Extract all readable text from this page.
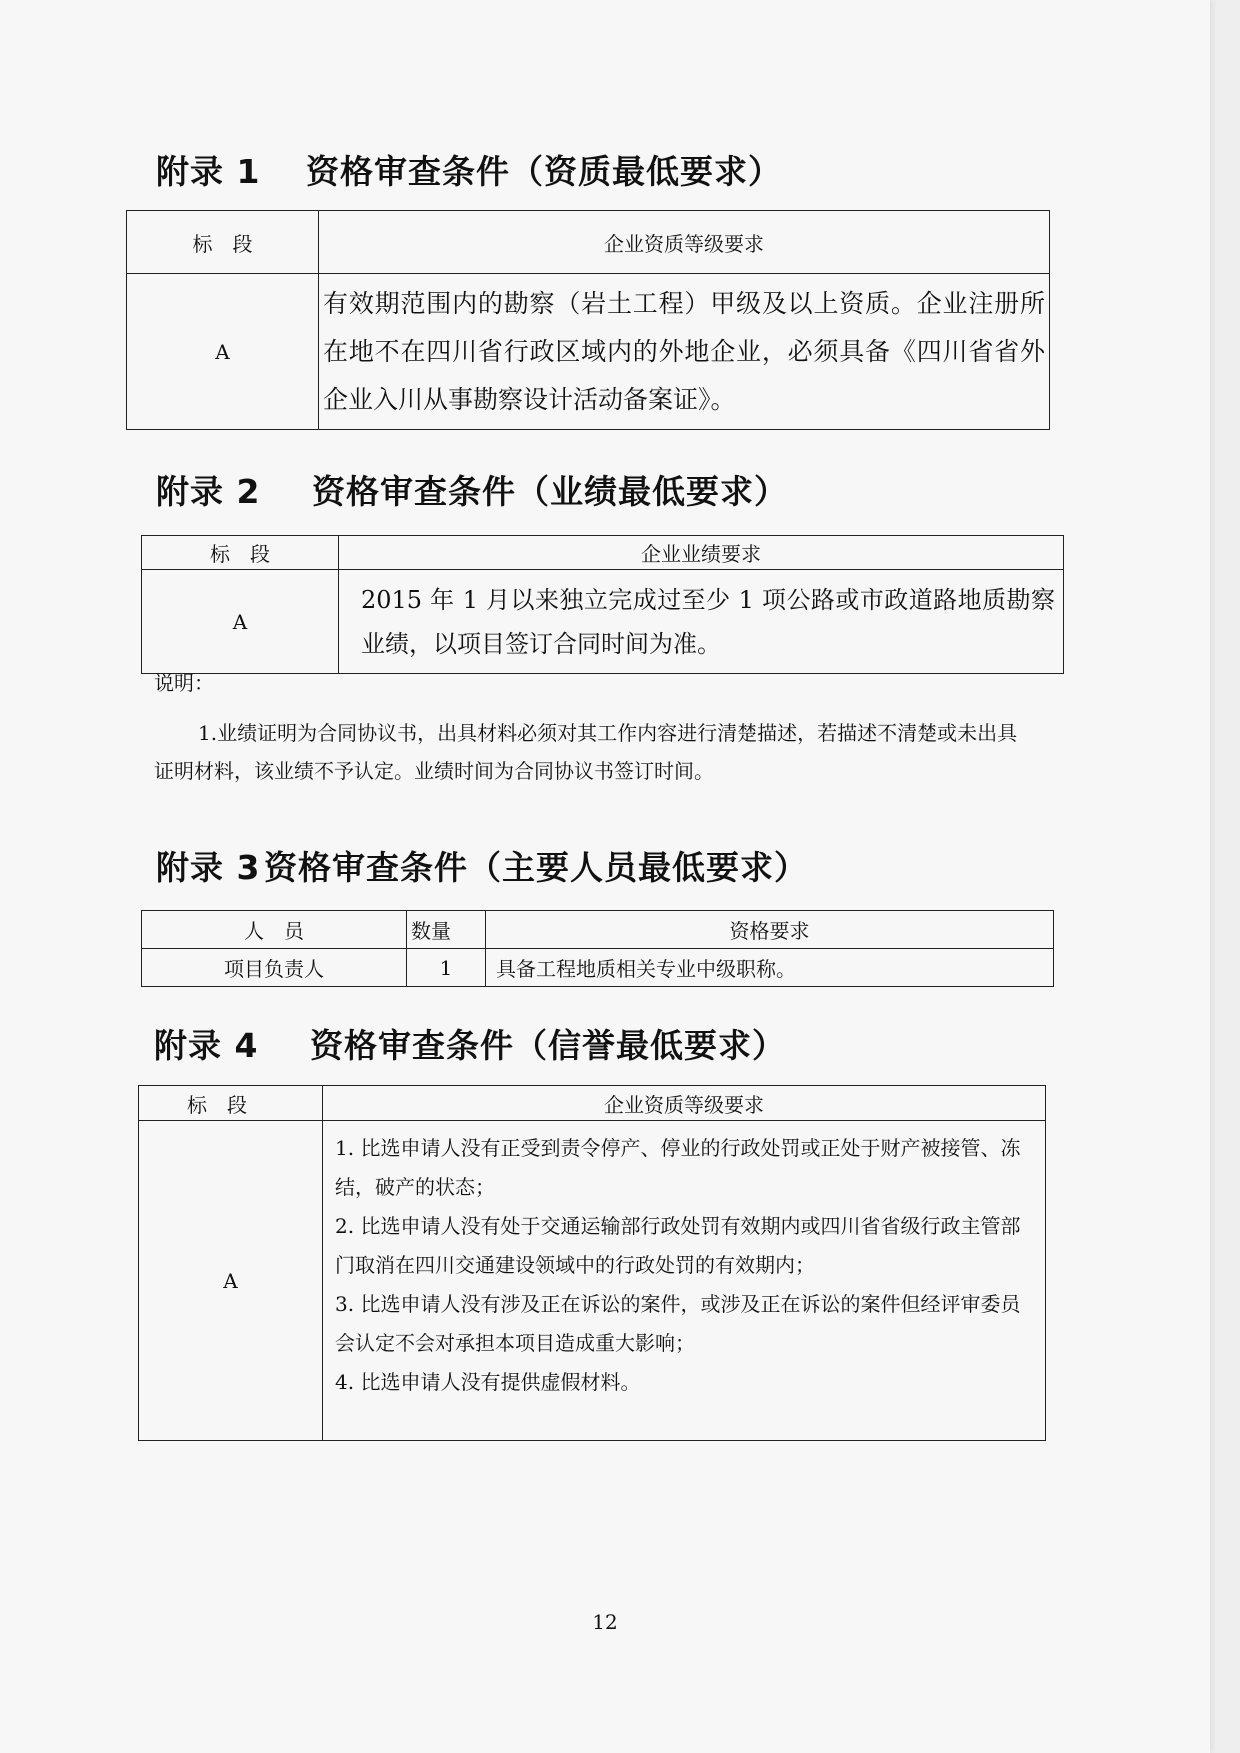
附录 1 资格审查条件（资质最低要求）
标　段	企业资质等级要求
A	有效期范围内的勘察（岩土工程）甲级及以上资质。企业注册所在地不在四川省行政区域内的外地企业，必须具备《四川省省外企业入川从事勘察设计活动备案证》。
附录 2 资格审查条件（业绩最低要求）
标　段	企业业绩要求
A	2015 年 1 月以来独立完成过至少 1 项公路或市政道路地质勘察业绩，以项目签订合同时间为准。
说明：
1.业绩证明为合同协议书，出具材料必须对其工作内容进行清楚描述，若描述不清楚或未出具证明材料，该业绩不予认定。业绩时间为合同协议书签订时间。
附录 3 资格审查条件（主要人员最低要求）
人　员	数量	资格要求
项目负责人	1	具备工程地质相关专业中级职称。
附录 4 资格审查条件（信誉最低要求）
标　段	企业资质等级要求
A	1. 比选申请人没有正受到责令停产、停业的行政处罚或正处于财产被接管、冻结，破产的状态；
2. 比选申请人没有处于交通运输部行政处罚有效期内或四川省省级行政主管部门取消在四川交通建设领域中的行政处罚的有效期内；
3. 比选申请人没有涉及正在诉讼的案件，或涉及正在诉讼的案件但经评审委员会认定不会对承担本项目造成重大影响；
4. 比选申请人没有提供虚假材料。
12
